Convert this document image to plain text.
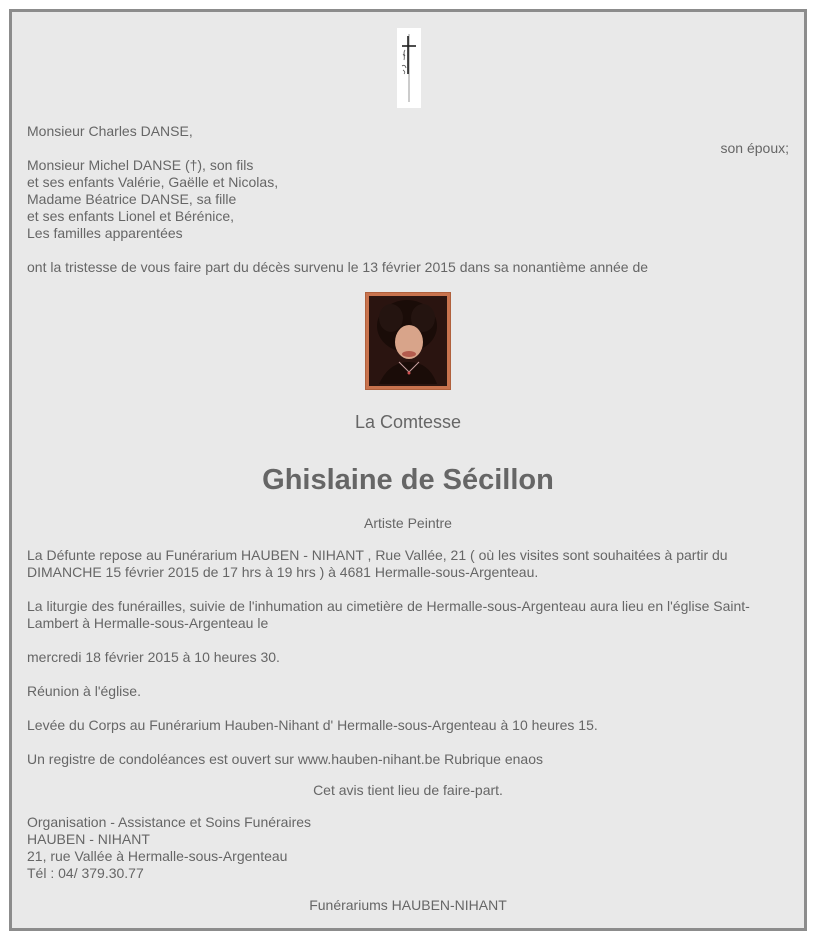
Monsieur Charles DANSE,
son époux;

Monsieur Michel DANSE (†), son fils

et ses enfants Valérie, Gaëlle et Nicolas,

Madame Béatrice DANSE, sa fille

et ses enfants Lionel et Bérénice,

Les familles apparentées

ont la tristesse de vous faire part du décès survenu le 13 février 2015 dans sa nonantième année de
La Comtesse
Ghislaine de Sécillon
Artiste Peintre

La Défunte repose au Funérarium HAUBEN - NIHANT , Rue Vallée, 21 ( où les visites sont souhaitées à partir du

DIMANCHE 15 février 2015 de 17 hrs à 19 hrs ) à 4681 Hermalle-sous-Argenteau.

La liturgie des funérailles, suivie de l'inhumation au cimetière de Hermalle-sous-Argenteau aura lieu en l'église Saint-

Lambert à Hermalle-sous-Argenteau le

mercredi 18 février 2015 à 10 heures 30.
Réunion à l'église.
Levée du Corps au Funérarium Hauben-Nihant d' Hermalle-sous-Argenteau à 10 heures 15.
Un registre de condoléances est ouvert sur www.hauben-nihant.be Rubrique enaos
Cet avis tient lieu de faire-part.

Organisation - Assistance et Soins Funéraires

HAUBEN - NIHANT

21, rue Vallée à Hermalle-sous-Argenteau

Tél : 04/ 379.30.77

Funérariums HAUBEN-NIHANT
